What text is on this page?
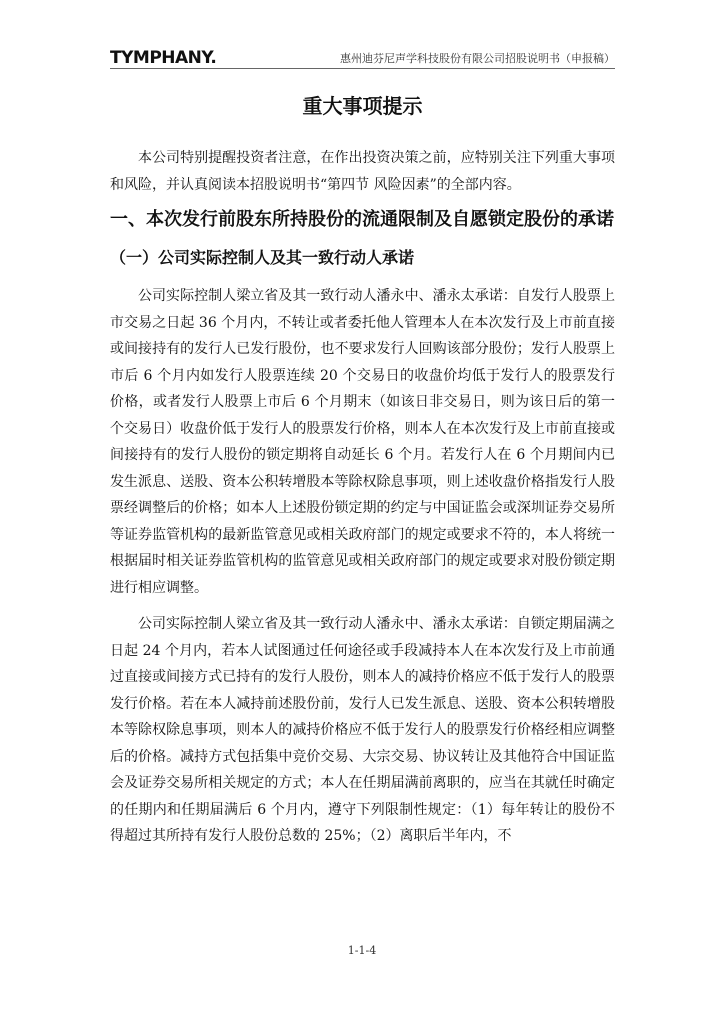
TYMPHANY.	惠州迪芬尼声学科技股份有限公司招股说明书（申报稿）
重大事项提示

本公司特别提醒投资者注意，在作出投资决策之前，应特别关注下列重大事项和风险，并认真阅读本招股说明书“第四节 风险因素”的全部内容。

一、本次发行前股东所持股份的流通限制及自愿锁定股份的承诺
（一）公司实际控制人及其一致行动人承诺

公司实际控制人梁立省及其一致行动人潘永中、潘永太承诺：自发行人股票上市交易之日起 36 个月内，不转让或者委托他人管理本人在本次发行及上市前直接或间接持有的发行人已发行股份，也不要求发行人回购该部分股份；发行人股票上市后 6 个月内如发行人股票连续 20 个交易日的收盘价均低于发行人的股票发行价格，或者发行人股票上市后 6 个月期末（如该日非交易日，则为该日后的第一个交易日）收盘价低于发行人的股票发行价格，则本人在本次发行及上市前直接或间接持有的发行人股份的锁定期将自动延长 6 个月。若发行人在 6 个月期间内已发生派息、送股、资本公积转增股本等除权除息事项，则上述收盘价格指发行人股票经调整后的价格；如本人上述股份锁定期的约定与中国证监会或深圳证券交易所等证券监管机构的最新监管意见或相关政府部门的规定或要求不符的，本人将统一根据届时相关证券监管机构的监管意见或相关政府部门的规定或要求对股份锁定期进行相应调整。

公司实际控制人梁立省及其一致行动人潘永中、潘永太承诺：自锁定期届满之日起 24 个月内，若本人试图通过任何途径或手段减持本人在本次发行及上市前通过直接或间接方式已持有的发行人股份，则本人的减持价格应不低于发行人的股票发行价格。若在本人减持前述股份前，发行人已发生派息、送股、资本公积转增股本等除权除息事项，则本人的减持价格应不低于发行人的股票发行价格经相应调整后的价格。减持方式包括集中竞价交易、大宗交易、协议转让及其他符合中国证监会及证券交易所相关规定的方式；本人在任期届满前离职的，应当在其就任时确定的任期内和任期届满后 6 个月内，遵守下列限制性规定：（1）每年转让的股份不得超过其所持有发行人股份总数的 25%；（2）离职后半年内，不

1-1-4
